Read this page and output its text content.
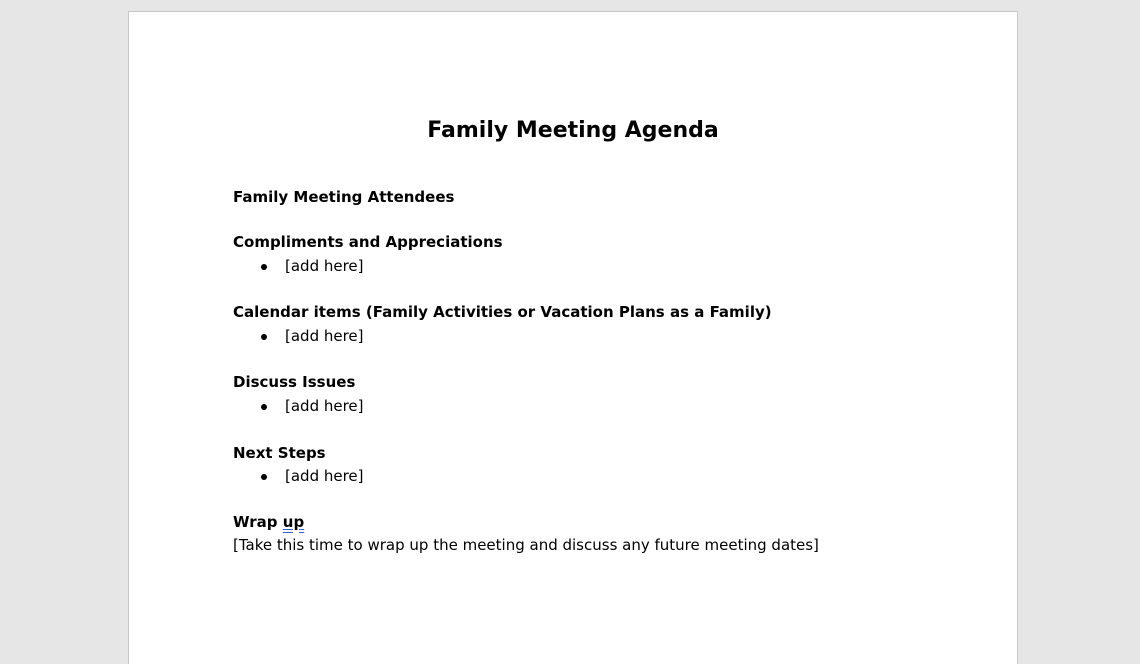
Family Meeting Agenda
Family Meeting Attendees
Compliments and Appreciations
[add here]
Calendar items (Family Activities or Vacation Plans as a Family)
[add here]
Discuss Issues
[add here]
Next Steps
[add here]
Wrap up
[Take this time to wrap up the meeting and discuss any future meeting dates]
